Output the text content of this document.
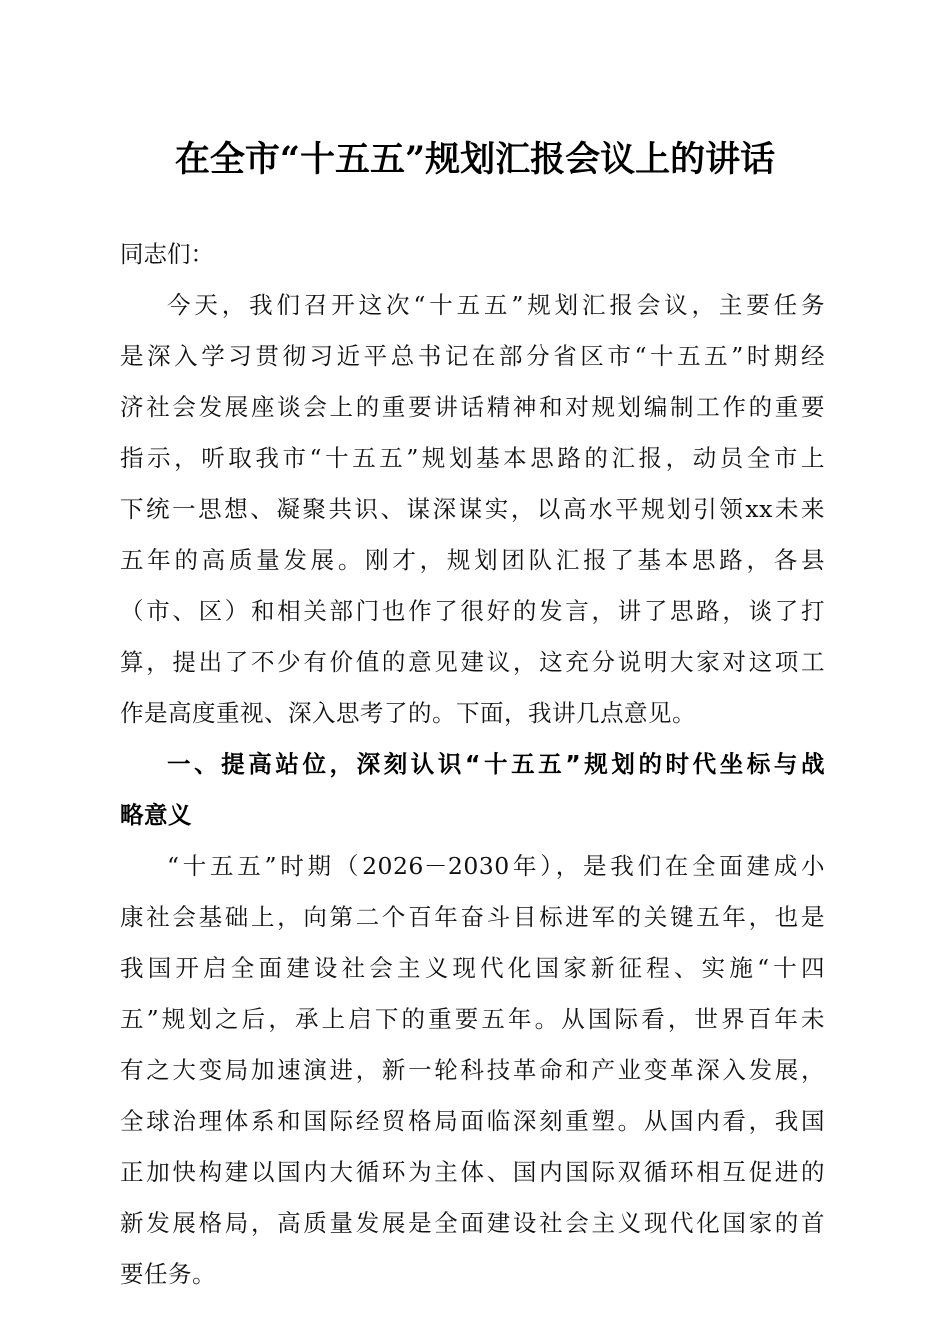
在全市“十五五”规划汇报会议上的讲话
同志们：
今天，我们召开这次“十五五”规划汇报会议，主要任务
是深入学习贯彻习近平总书记在部分省区市“十五五”时期经
济社会发展座谈会上的重要讲话精神和对规划编制工作的重要
指示，听取我市“十五五”规划基本思路的汇报，动员全市上
下统一思想、凝聚共识、谋深谋实，以高水平规划引领xx未来
五年的高质量发展。刚才，规划团队汇报了基本思路，各县
（市、区）和相关部门也作了很好的发言，讲了思路，谈了打
算，提出了不少有价值的意见建议，这充分说明大家对这项工
作是高度重视、深入思考了的。下面，我讲几点意见。
一、提高站位，深刻认识“十五五”规划的时代坐标与战
略意义
“十五五”时期（2026－2030年），是我们在全面建成小
康社会基础上，向第二个百年奋斗目标进军的关键五年，也是
我国开启全面建设社会主义现代化国家新征程、实施“十四
五”规划之后，承上启下的重要五年。从国际看，世界百年未
有之大变局加速演进，新一轮科技革命和产业变革深入发展，
全球治理体系和国际经贸格局面临深刻重塑。从国内看，我国
正加快构建以国内大循环为主体、国内国际双循环相互促进的
新发展格局，高质量发展是全面建设社会主义现代化国家的首
要任务。
